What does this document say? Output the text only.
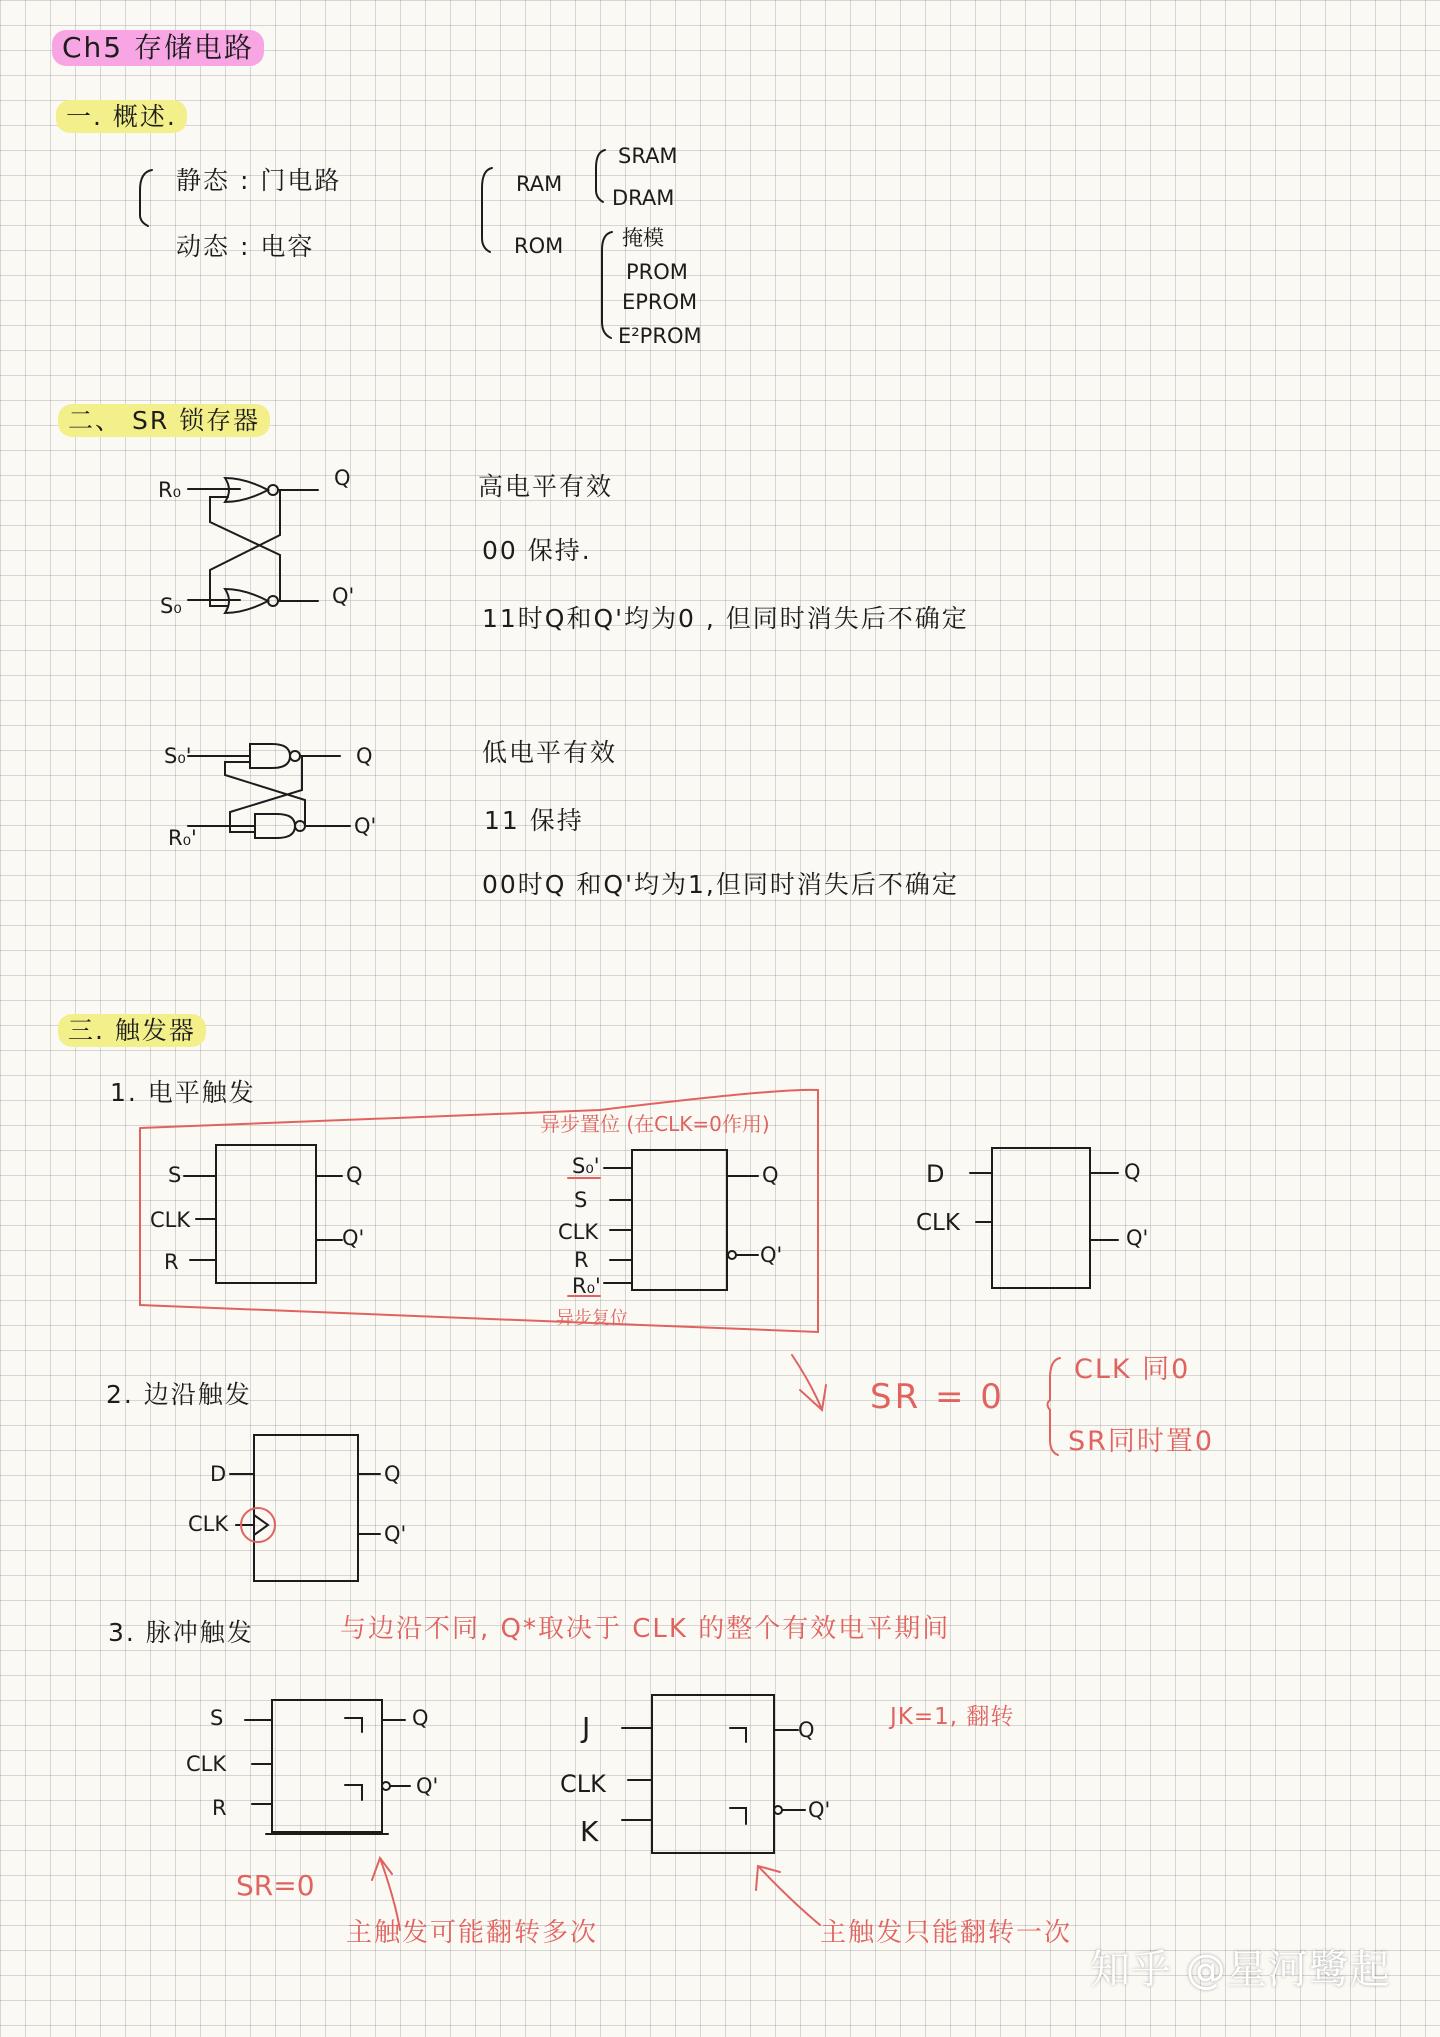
Ch5 存储电路
一. 概述.
静态 : 门电路
动态 : 电容
RAM
ROM
SRAM
DRAM
掩模
PROM
EPROM
E²PROM
二、 SR 锁存器
R₀
S₀
Q
Q'
高电平有效
00 保持.
11时Q和Q'均为0 , 但同时消失后不确定
S₀'
R₀'
Q
Q'
低电平有效
11 保持
00时Q 和Q'均为1,但同时消失后不确定
三. 触发器
1. 电平触发
S
CLK
R
Q
Q'
异步置位 (在CLK=0作用)
S₀'
S
CLK
R
R₀'
异步复位
Q
Q'
D
CLK
Q
Q'
SR = 0
CLK 同0
SR同时置0
2. 边沿触发
D
CLK
Q
Q'
3. 脉冲触发	与边沿不同, Q*取决于 CLK 的整个有效电平期间
S
CLK
R
Q
Q'
SR=0
J
CLK
K
Q
Q'
JK=1, 翻转
主触发可能翻转多次	主触发只能翻转一次
知乎 @星河鹭起
